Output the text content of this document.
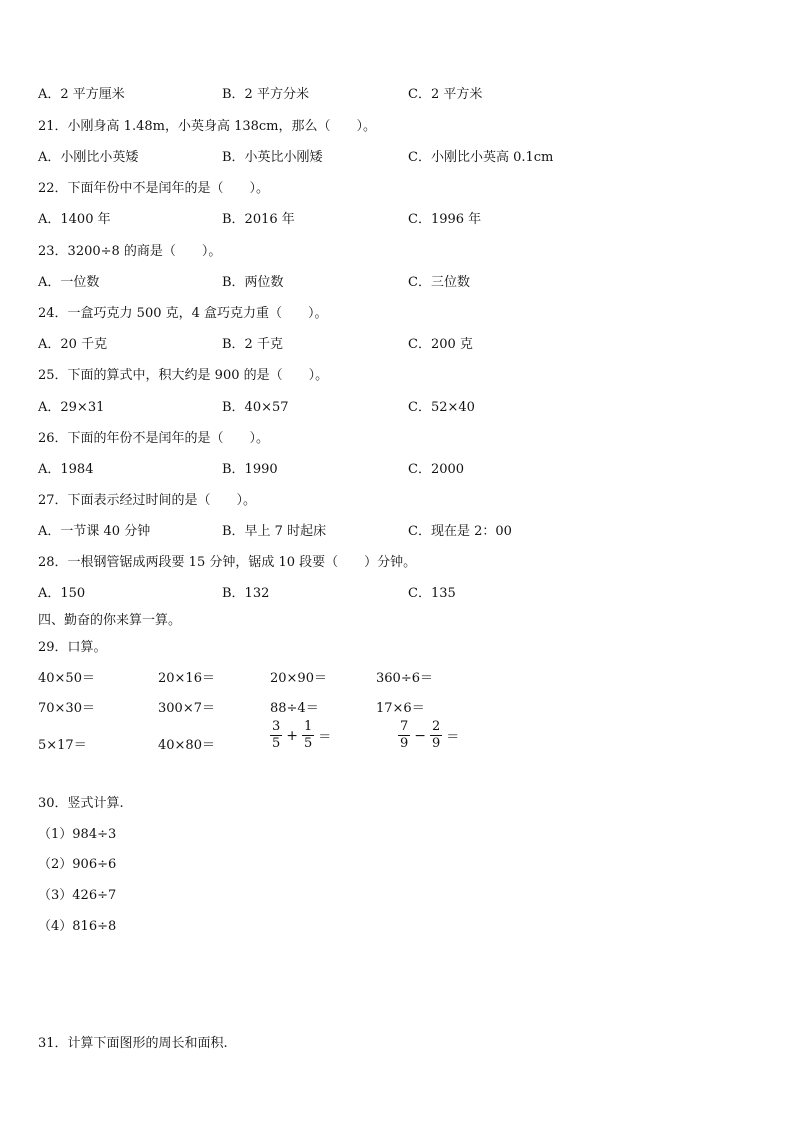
A．2 平方厘米	B．2 平方分米	C．2 平方米
21．小刚身高 1.48m，小英身高 138cm，那么（　　）。
A．小刚比小英矮	B．小英比小刚矮	C．小刚比小英高 0.1cm
22．下面年份中不是闰年的是（　　）。
A．1400 年	B．2016 年	C．1996 年
23．3200÷8 的商是（　　）。
A．一位数	B．两位数	C．三位数
24．一盒巧克力 500 克，4 盒巧克力重（　　）。
A．20 千克	B．2 千克	C．200 克
25．下面的算式中，积大约是 900 的是（　　）。
A．29×31	B．40×57	C．52×40
26．下面的年份不是闰年的是（　　）。
A．1984	B．1990	C．2000
27．下面表示经过时间的是（　　）。
A．一节课 40 分钟	B．早上 7 时起床	C．现在是 2：00
28．一根钢管锯成两段要 15 分钟，锯成 10 段要（　　）分钟。
A．150	B．132	C．135
四、勤奋的你来算一算。
29．口算。
40×50＝	20×16＝	20×90＝	360÷6＝
70×30＝	300×7＝	88÷4＝	17×6＝
5×17＝	40×80＝	$\frac{3}{5} + \frac{1}{5}$ ＝	$\frac{7}{9} - \frac{2}{9}$ ＝
30．竖式计算.
（1）984÷3
（2）906÷6
（3）426÷7
（4）816÷8
31．计算下面图形的周长和面积.
